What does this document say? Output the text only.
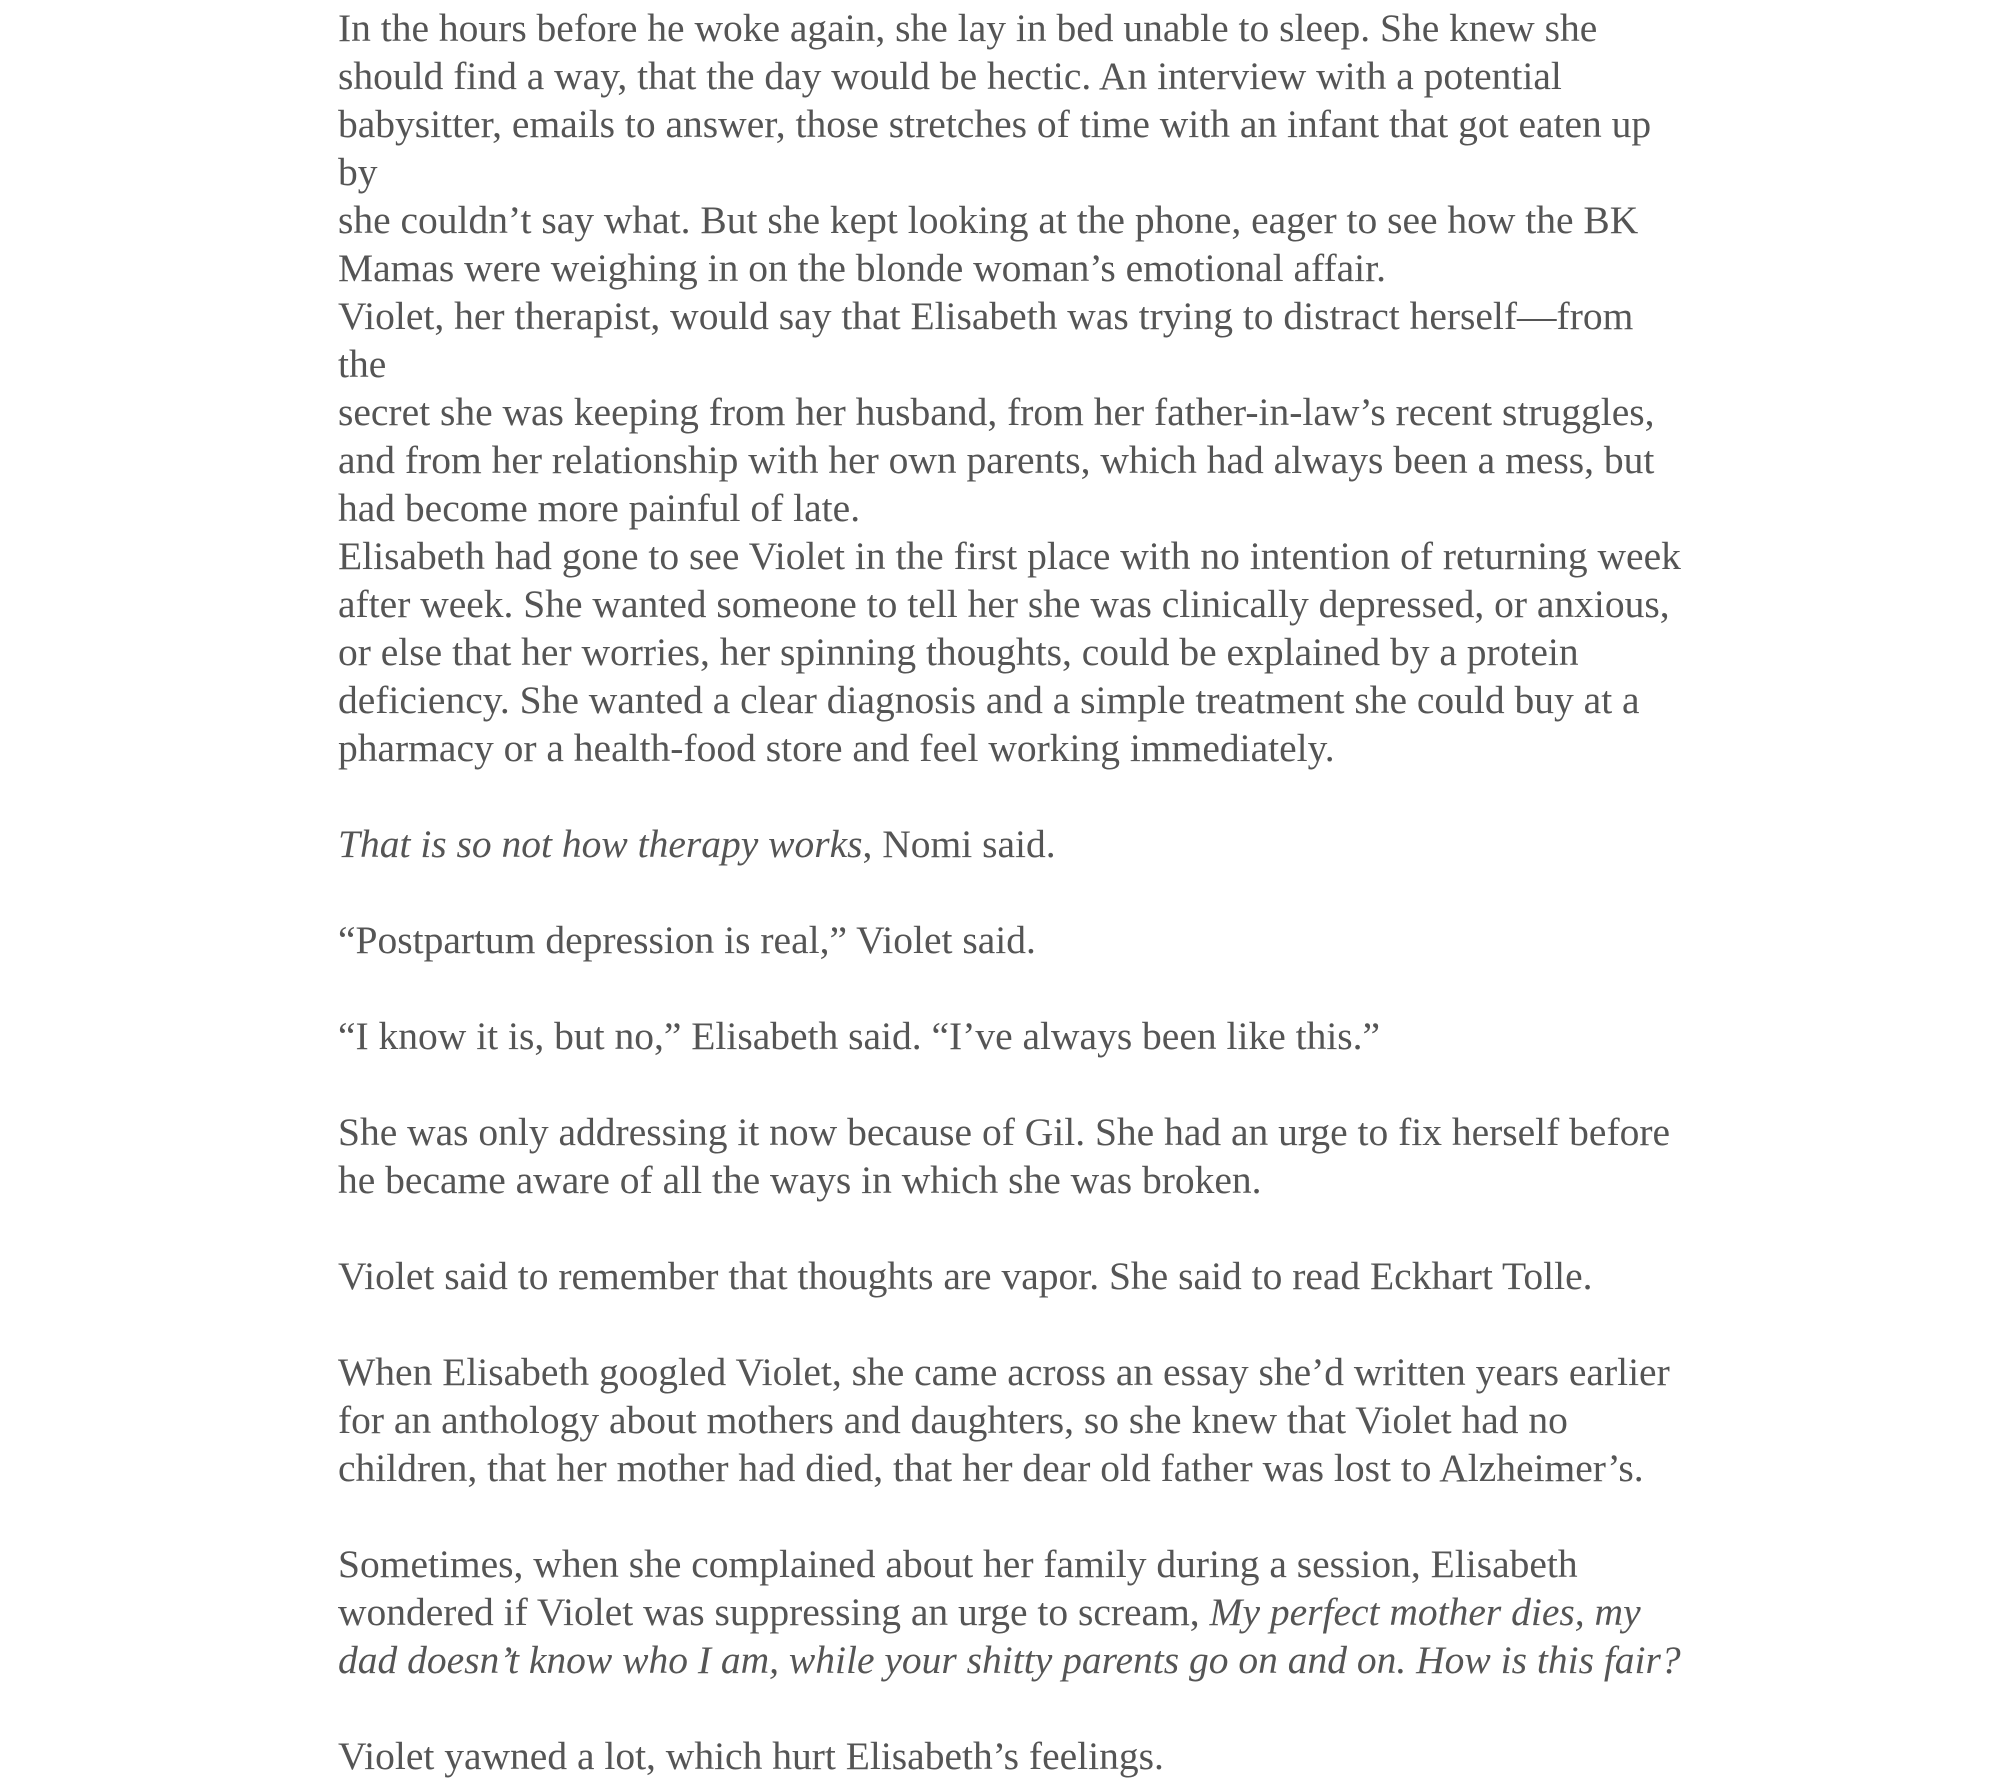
In the hours before he woke again, she lay in bed unable to sleep. She knew she
should find a way, that the day would be hectic. An interview with a potential
babysitter, emails to answer, those stretches of time with an infant that got eaten up by
she couldn’t say what. But she kept looking at the phone, eager to see how the BK
Mamas were weighing in on the blonde woman’s emotional affair.

Violet, her therapist, would say that Elisabeth was trying to distract herself—from the
secret she was keeping from her husband, from her father-in-law’s recent struggles,
and from her relationship with her own parents, which had always been a mess, but
had become more painful of late.

Elisabeth had gone to see Violet in the first place with no intention of returning week
after week. She wanted someone to tell her she was clinically depressed, or anxious,
or else that her worries, her spinning thoughts, could be explained by a protein
deficiency. She wanted a clear diagnosis and a simple treatment she could buy at a
pharmacy or a health-food store and feel working immediately.

That is so not how therapy works, Nomi said.

“Postpartum depression is real,” Violet said.

“I know it is, but no,” Elisabeth said. “I’ve always been like this.”

She was only addressing it now because of Gil. She had an urge to fix herself before
he became aware of all the ways in which she was broken.

Violet said to remember that thoughts are vapor. She said to read Eckhart Tolle.

When Elisabeth googled Violet, she came across an essay she’d written years earlier
for an anthology about mothers and daughters, so she knew that Violet had no
children, that her mother had died, that her dear old father was lost to Alzheimer’s.

Sometimes, when she complained about her family during a session, Elisabeth
wondered if Violet was suppressing an urge to scream, My perfect mother dies, my
dad doesn’t know who I am, while your shitty parents go on and on. How is this fair?

Violet yawned a lot, which hurt Elisabeth’s feelings.
